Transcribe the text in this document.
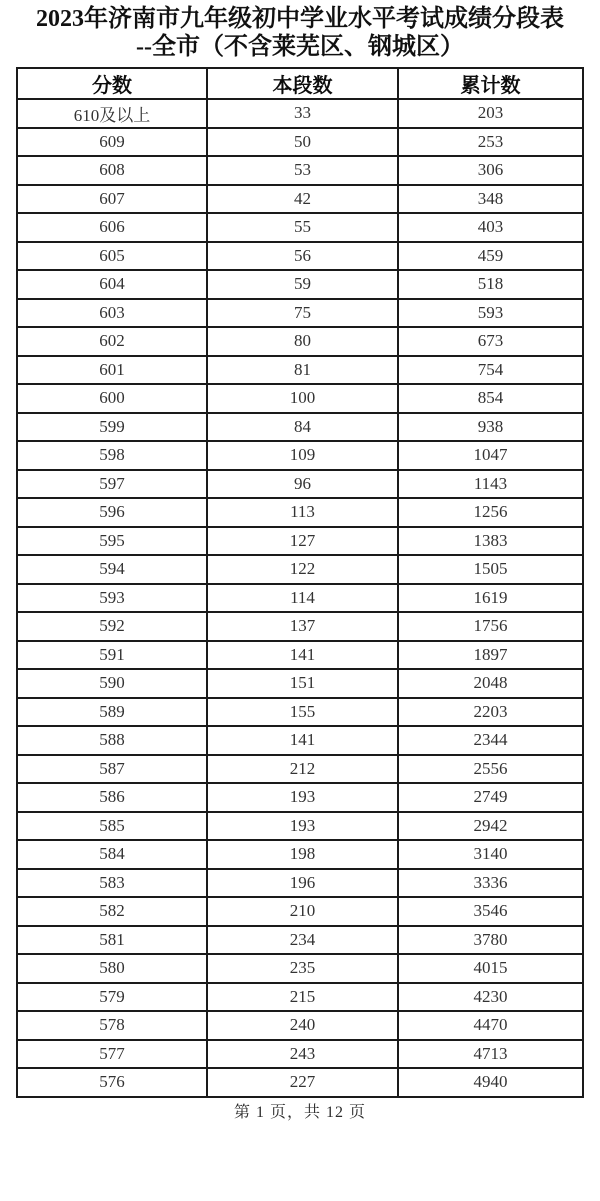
2023年济南市九年级初中学业水平考试成绩分段表
--全市（不含莱芜区、钢城区）
分数	本段数	累计数
610及以上	33	203
609	50	253
608	53	306
607	42	348
606	55	403
605	56	459
604	59	518
603	75	593
602	80	673
601	81	754
600	100	854
599	84	938
598	109	1047
597	96	1143
596	113	1256
595	127	1383
594	122	1505
593	114	1619
592	137	1756
591	141	1897
590	151	2048
589	155	2203
588	141	2344
587	212	2556
586	193	2749
585	193	2942
584	198	3140
583	196	3336
582	210	3546
581	234	3780
580	235	4015
579	215	4230
578	240	4470
577	243	4713
576	227	4940
第 1 页，共 12 页
